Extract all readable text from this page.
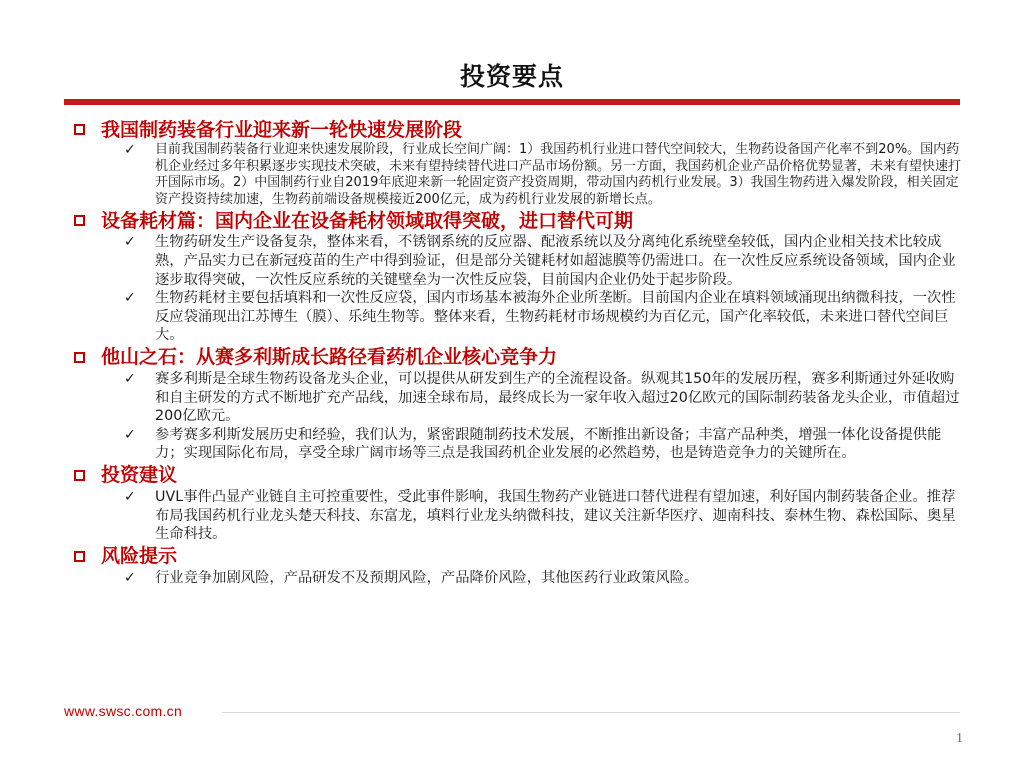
投资要点
我国制药装备行业迎来新一轮快速发展阶段
✓ 目前我国制药装备行业迎来快速发展阶段，行业成长空间广阔：1）我国药机行业进口替代空间较大，生物药设备国产化率不到20%。国内药机企业经过多年积累逐步实现技术突破，未来有望持续替代进口产品市场份额。另一方面，我国药机企业产品价格优势显著，未来有望快速打开国际市场。2）中国制药行业自2019年底迎来新一轮固定资产投资周期，带动国内药机行业发展。3）我国生物药进入爆发阶段，相关固定资产投资持续加速，生物药前端设备规模接近200亿元，成为药机行业发展的新增长点。
设备耗材篇：国内企业在设备耗材领域取得突破，进口替代可期
✓ 生物药研发生产设备复杂，整体来看，不锈钢系统的反应器、配液系统以及分离纯化系统壁垒较低，国内企业相关技术比较成熟，产品实力已在新冠疫苗的生产中得到验证，但是部分关键耗材如超滤膜等仍需进口。在一次性反应系统设备领域，国内企业逐步取得突破，一次性反应系统的关键壁垒为一次性反应袋，目前国内企业仍处于起步阶段。
✓ 生物药耗材主要包括填料和一次性反应袋，国内市场基本被海外企业所垄断。目前国内企业在填料领域涌现出纳微科技，一次性反应袋涌现出江苏博生（膜）、乐纯生物等。整体来看，生物药耗材市场规模约为百亿元，国产化率较低，未来进口替代空间巨大。
他山之石：从赛多利斯成长路径看药机企业核心竞争力
✓ 赛多利斯是全球生物药设备龙头企业，可以提供从研发到生产的全流程设备。纵观其150年的发展历程，赛多利斯通过外延收购和自主研发的方式不断地扩充产品线，加速全球布局，最终成长为一家年收入超过20亿欧元的国际制药装备龙头企业，市值超过200亿欧元。
✓ 参考赛多利斯发展历史和经验，我们认为，紧密跟随制药技术发展，不断推出新设备；丰富产品种类，增强一体化设备提供能力；实现国际化布局，享受全球广阔市场等三点是我国药机企业发展的必然趋势，也是铸造竞争力的关键所在。
投资建议
✓ UVL事件凸显产业链自主可控重要性，受此事件影响，我国生物药产业链进口替代进程有望加速，利好国内制药装备企业。推荐布局我国药机行业龙头楚天科技、东富龙，填料行业龙头纳微科技，建议关注新华医疗、迦南科技、泰林生物、森松国际、奥星生命科技。
风险提示
✓ 行业竞争加剧风险，产品研发不及预期风险，产品降价风险，其他医药行业政策风险。
www.swsc.com.cn
1
